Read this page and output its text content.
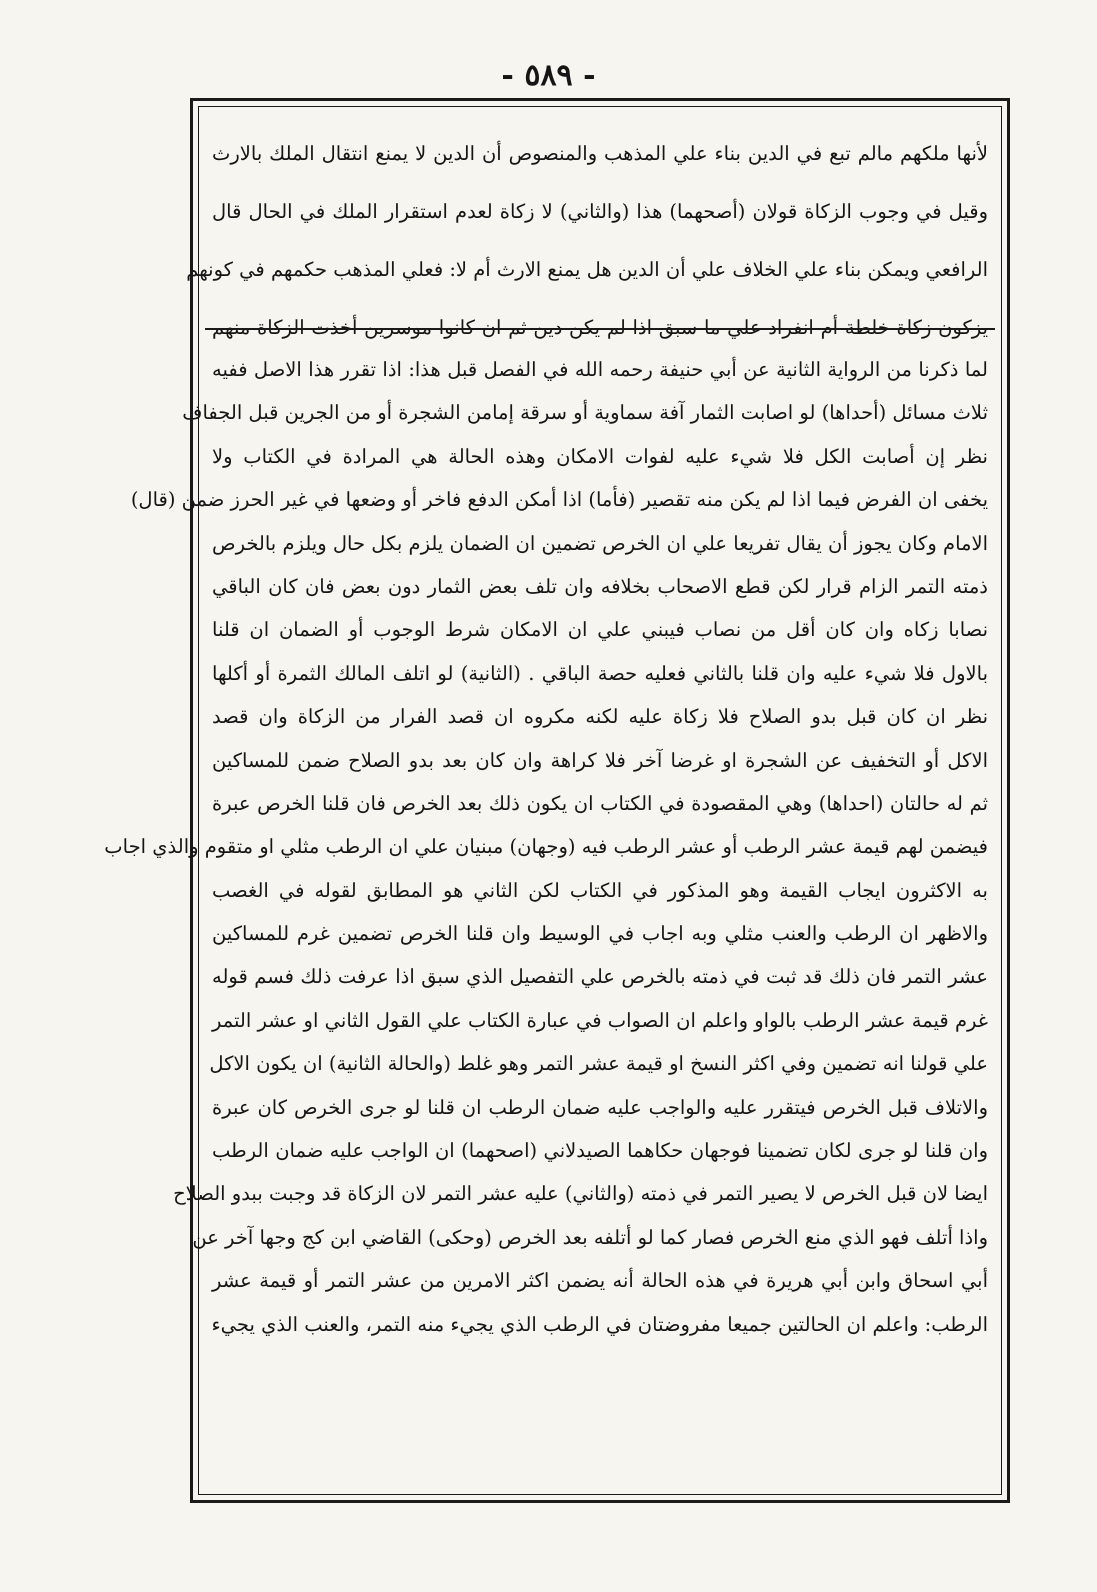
- ٥٨٩ -

لأنها ملكهم مالم تبع في الدين بناء علي المذهب والمنصوص أن الدين لا يمنع انتقال الملك بالارث

وقيل في وجوب الزكاة قولان (أصحهما) هذا (والثاني) لا زكاة لعدم استقرار الملك في الحال قال

الرافعي ويمكن بناء علي الخلاف علي أن الدين هل يمنع الارث أم لا: فعلي المذهب حكمهم في كونهم

يزكون زكاة خلطة أم انفراد علي ما سبق اذا لم يكن دين ثم ان كانوا موسرين أخذت الزكاة منهم

لما ذكرنا من الرواية الثانية عن أبي حنيفة رحمه الله في الفصل قبل هذا: اذا تقرر هذا الاصل ففيه

ثلاث مسائل (أحداها) لو اصابت الثمار آفة سماوية أو سرقة إمامن الشجرة أو من الجرين قبل الجفاف

نظر إن أصابت الكل فلا شيء عليه لفوات الامكان وهذه الحالة هي المرادة في الكتاب ولا

يخفى ان الفرض فيما اذا لم يكن منه تقصير (فأما) اذا أمكن الدفع فاخر أو وضعها في غير الحرز ضمن (قال)

الامام وكان يجوز أن يقال تفريعا علي ان الخرص تضمين ان الضمان يلزم بكل حال ويلزم بالخرص

ذمته التمر الزام قرار لكن قطع الاصحاب بخلافه وان تلف بعض الثمار دون بعض فان كان الباقي

نصابا زكاه وان كان أقل من نصاب فيبني علي ان الامكان شرط الوجوب أو الضمان ان قلنا

بالاول فلا شيء عليه وان قلنا بالثاني فعليه حصة الباقي . (الثانية) لو اتلف المالك الثمرة أو أكلها

نظر ان كان قبل بدو الصلاح فلا زكاة عليه لكنه مكروه ان قصد الفرار من الزكاة وان قصد

الاكل أو التخفيف عن الشجرة او غرضا آخر فلا كراهة وان كان بعد بدو الصلاح ضمن للمساكين

ثم له حالتان (احداها) وهي المقصودة في الكتاب ان يكون ذلك بعد الخرص فان قلنا الخرص عبرة

فيضمن لهم قيمة عشر الرطب أو عشر الرطب فيه (وجهان) مبنيان علي ان الرطب مثلي او متقوم والذي اجاب

به الاكثرون ايجاب القيمة وهو المذكور في الكتاب لكن الثاني هو المطابق لقوله في الغصب

والاظهر ان الرطب والعنب مثلي وبه اجاب في الوسيط وان قلنا الخرص تضمين غرم للمساكين

عشر التمر فان ذلك قد ثبت في ذمته بالخرص علي التفصيل الذي سبق اذا عرفت ذلك فسم قوله

غرم قيمة عشر الرطب بالواو واعلم ان الصواب في عبارة الكتاب علي القول الثاني او عشر التمر

علي قولنا انه تضمين وفي اكثر النسخ او قيمة عشر التمر وهو غلط (والحالة الثانية) ان يكون الاكل

والاتلاف قبل الخرص فيتقرر عليه والواجب عليه ضمان الرطب ان قلنا لو جرى الخرص كان عبرة

وان قلنا لو جرى لكان تضمينا فوجهان حكاهما الصيدلاني (اصحهما) ان الواجب عليه ضمان الرطب

ايضا لان قبل الخرص لا يصير التمر في ذمته (والثاني) عليه عشر التمر لان الزكاة قد وجبت ببدو الصلاح

واذا أتلف فهو الذي منع الخرص فصار كما لو أتلفه بعد الخرص (وحكى) القاضي ابن كج وجها آخر عن

أبي اسحاق وابن أبي هريرة في هذه الحالة أنه يضمن اكثر الامرين من عشر التمر أو قيمة عشر

الرطب: واعلم ان الحالتين جميعا مفروضتان في الرطب الذي يجيء منه التمر، والعنب الذي يجيء
